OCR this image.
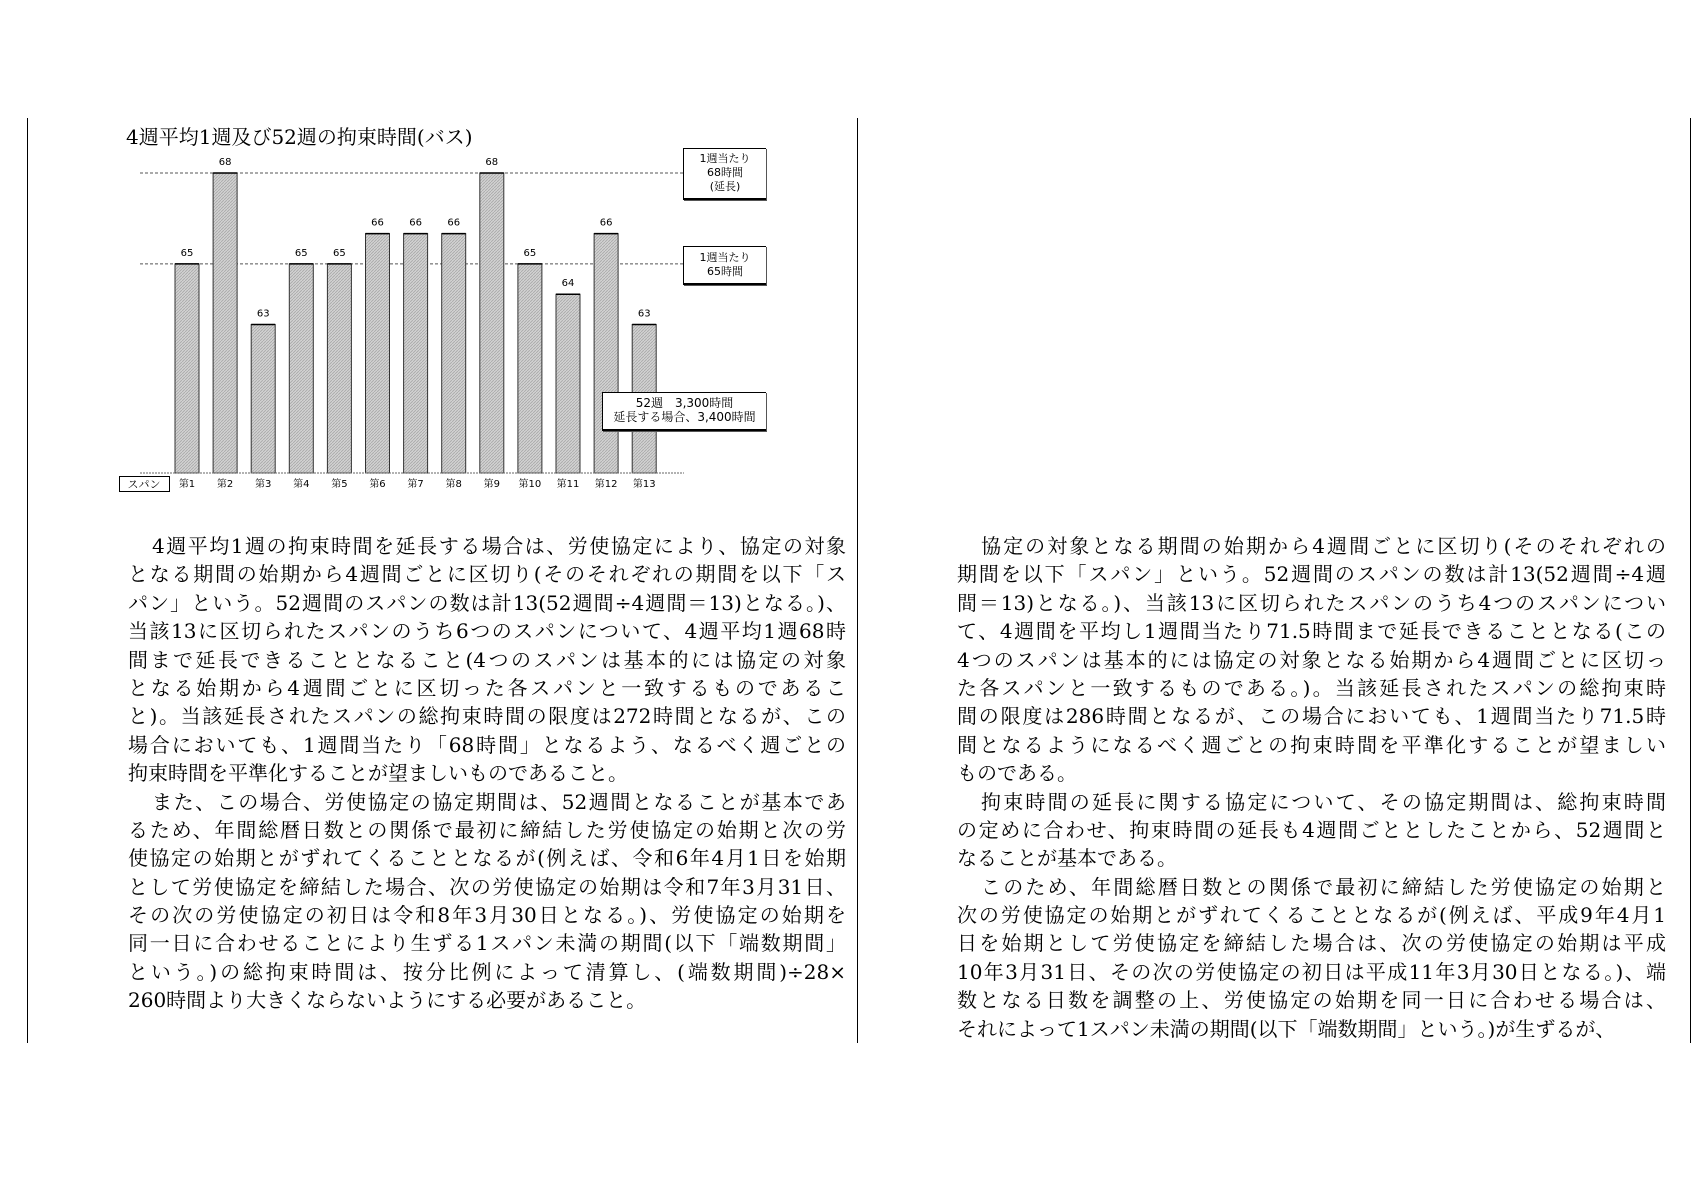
4週平均1週及び52週の拘束時間(バス)
65
第1
68
第2
63
第3
65
第4
65
第5
66
第6
66
第7
66
第8
68
第9
65
第10
64
第11
66
第12
63
第13
スパン
1週当たり
68時間
(延長)
1週当たり
65時間
52週　3,300時間
延長する場合、3,400時間
4週平均1週の拘束時間を延長する場合は、労使協定により、協定の対象
となる期間の始期から4週間ごとに区切り(そのそれぞれの期間を以下「ス
パン」という。52週間のスパンの数は計13(52週間÷4週間＝13)となる。)、
当該13に区切られたスパンのうち6つのスパンについて、4週平均1週68時
間まで延長できることとなること(4つのスパンは基本的には協定の対象
となる始期から4週間ごとに区切った各スパンと一致するものであるこ
と)。当該延長されたスパンの総拘束時間の限度は272時間となるが、この
場合においても、1週間当たり「68時間」となるよう、なるべく週ごとの
拘束時間を平準化することが望ましいものであること。
また、この場合、労使協定の協定期間は、52週間となることが基本であ
るため、年間総暦日数との関係で最初に締結した労使協定の始期と次の労
使協定の始期とがずれてくることとなるが(例えば、令和6年4月1日を始期
として労使協定を締結した場合、次の労使協定の始期は令和7年3月31日、
その次の労使協定の初日は令和8年3月30日となる。)、労使協定の始期を
同一日に合わせることにより生ずる1スパン未満の期間(以下「端数期間」
という。)の総拘束時間は、按分比例によって清算し、(端数期間)÷28×
260時間より大きくならないようにする必要があること。
協定の対象となる期間の始期から4週間ごとに区切り(そのそれぞれの
期間を以下「スパン」という。52週間のスパンの数は計13(52週間÷4週
間＝13)となる。)、当該13に区切られたスパンのうち4つのスパンについ
て、4週間を平均し1週間当たり71.5時間まで延長できることとなる(この
4つのスパンは基本的には協定の対象となる始期から4週間ごとに区切っ
た各スパンと一致するものである。)。当該延長されたスパンの総拘束時
間の限度は286時間となるが、この場合においても、1週間当たり71.5時
間となるようになるべく週ごとの拘束時間を平準化することが望ましい
ものである。
拘束時間の延長に関する協定について、その協定期間は、総拘束時間
の定めに合わせ、拘束時間の延長も4週間ごととしたことから、52週間と
なることが基本である。
このため、年間総暦日数との関係で最初に締結した労使協定の始期と
次の労使協定の始期とがずれてくることとなるが(例えば、平成9年4月1
日を始期として労使協定を締結した場合は、次の労使協定の始期は平成
10年3月31日、その次の労使協定の初日は平成11年3月30日となる。)、端
数となる日数を調整の上、労使協定の始期を同一日に合わせる場合は、
それによって1スパン未満の期間(以下「端数期間」という。)が生ずるが、
